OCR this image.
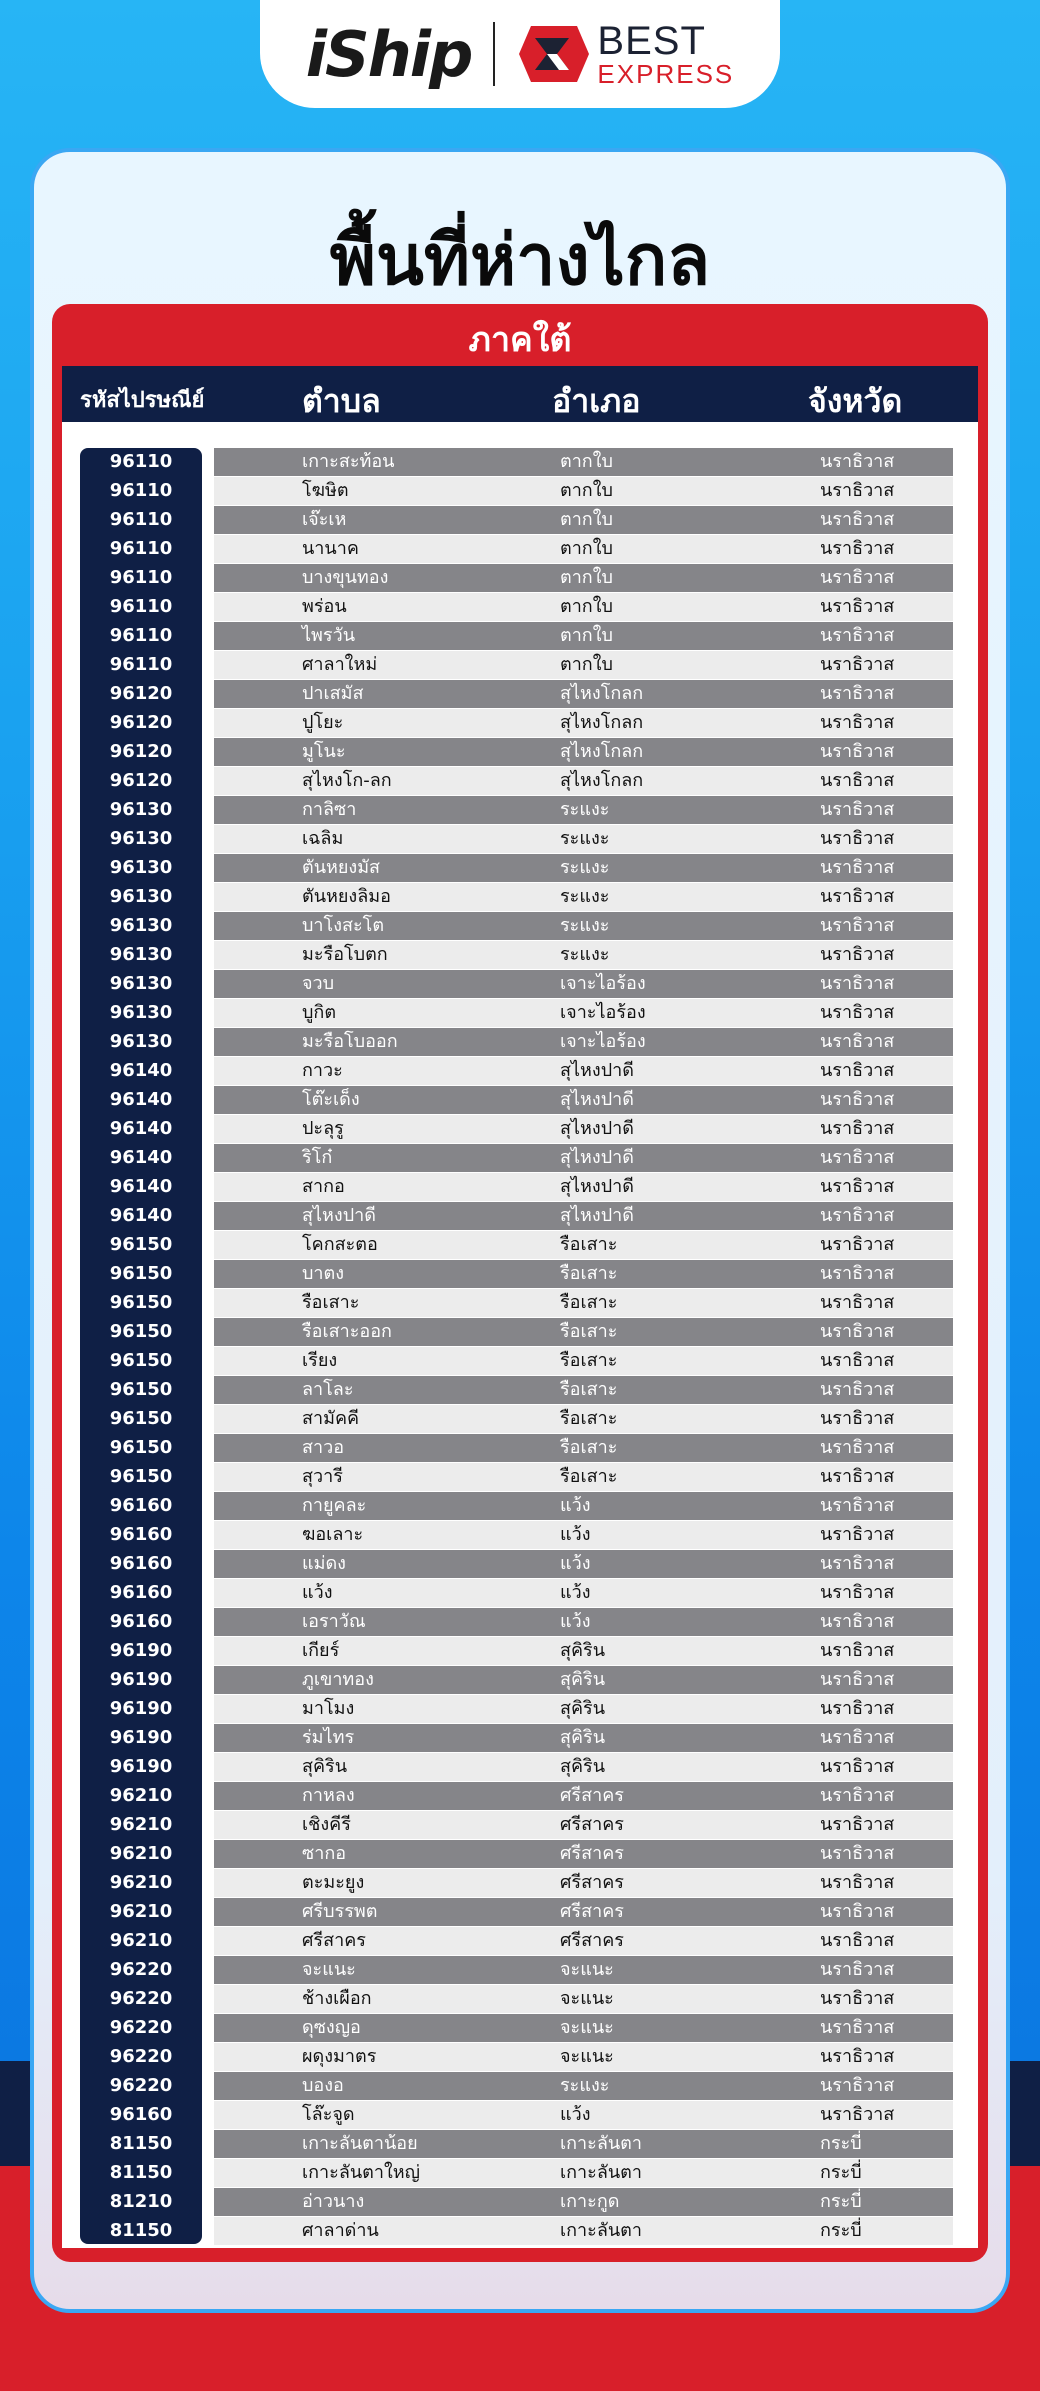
iShip	BEST
EXPRESS
พื้นที่ห่างไกล
ภาคใต้
รหัสไปรษณีย์	ตำบล	อำเภอ	จังหวัด
96110	เกาะสะท้อน	ตากใบ	นราธิวาส
96110	โฆษิต	ตากใบ	นราธิวาส
96110	เจ๊ะเห	ตากใบ	นราธิวาส
96110	นานาค	ตากใบ	นราธิวาส
96110	บางขุนทอง	ตากใบ	นราธิวาส
96110	พร่อน	ตากใบ	นราธิวาส
96110	ไพรวัน	ตากใบ	นราธิวาส
96110	ศาลาใหม่	ตากใบ	นราธิวาส
96120	ปาเสมัส	สุไหงโกลก	นราธิวาส
96120	ปูโยะ	สุไหงโกลก	นราธิวาส
96120	มูโนะ	สุไหงโกลก	นราธิวาส
96120	สุไหงโก-ลก	สุไหงโกลก	นราธิวาส
96130	กาลิซา	ระแงะ	นราธิวาส
96130	เฉลิม	ระแงะ	นราธิวาส
96130	ตันหยงมัส	ระแงะ	นราธิวาส
96130	ตันหยงลิมอ	ระแงะ	นราธิวาส
96130	บาโงสะโต	ระแงะ	นราธิวาส
96130	มะรือโบตก	ระแงะ	นราธิวาส
96130	จวบ	เจาะไอร้อง	นราธิวาส
96130	บูกิต	เจาะไอร้อง	นราธิวาส
96130	มะรือโบออก	เจาะไอร้อง	นราธิวาส
96140	กาวะ	สุไหงปาดี	นราธิวาส
96140	โต๊ะเด็ง	สุไหงปาดี	นราธิวาส
96140	ปะลุรู	สุไหงปาดี	นราธิวาส
96140	ริโก๋	สุไหงปาดี	นราธิวาส
96140	สากอ	สุไหงปาดี	นราธิวาส
96140	สุไหงปาดี	สุไหงปาดี	นราธิวาส
96150	โคกสะตอ	รือเสาะ	นราธิวาส
96150	บาตง	รือเสาะ	นราธิวาส
96150	รือเสาะ	รือเสาะ	นราธิวาส
96150	รือเสาะออก	รือเสาะ	นราธิวาส
96150	เรียง	รือเสาะ	นราธิวาส
96150	ลาโละ	รือเสาะ	นราธิวาส
96150	สามัคคี	รือเสาะ	นราธิวาส
96150	สาวอ	รือเสาะ	นราธิวาส
96150	สุวารี	รือเสาะ	นราธิวาส
96160	กายูคละ	แว้ง	นราธิวาส
96160	ฆอเลาะ	แว้ง	นราธิวาส
96160	แม่ดง	แว้ง	นราธิวาส
96160	แว้ง	แว้ง	นราธิวาส
96160	เอราวัณ	แว้ง	นราธิวาส
96190	เกียร์	สุคิริน	นราธิวาส
96190	ภูเขาทอง	สุคิริน	นราธิวาส
96190	มาโมง	สุคิริน	นราธิวาส
96190	ร่มไทร	สุคิริน	นราธิวาส
96190	สุคิริน	สุคิริน	นราธิวาส
96210	กาหลง	ศรีสาคร	นราธิวาส
96210	เชิงคีรี	ศรีสาคร	นราธิวาส
96210	ซากอ	ศรีสาคร	นราธิวาส
96210	ตะมะยูง	ศรีสาคร	นราธิวาส
96210	ศรีบรรพต	ศรีสาคร	นราธิวาส
96210	ศรีสาคร	ศรีสาคร	นราธิวาส
96220	จะแนะ	จะแนะ	นราธิวาส
96220	ช้างเผือก	จะแนะ	นราธิวาส
96220	ดุซงญอ	จะแนะ	นราธิวาส
96220	ผดุงมาตร	จะแนะ	นราธิวาส
96220	บองอ	ระแงะ	นราธิวาส
96160	โล๊ะจูด	แว้ง	นราธิวาส
81150	เกาะลันตาน้อย	เกาะลันตา	กระบี่
81150	เกาะลันตาใหญ่	เกาะลันตา	กระบี่
81210	อ่าวนาง	เกาะกูด	กระบี่
81150	ศาลาด่าน	เกาะลันตา	กระบี่
